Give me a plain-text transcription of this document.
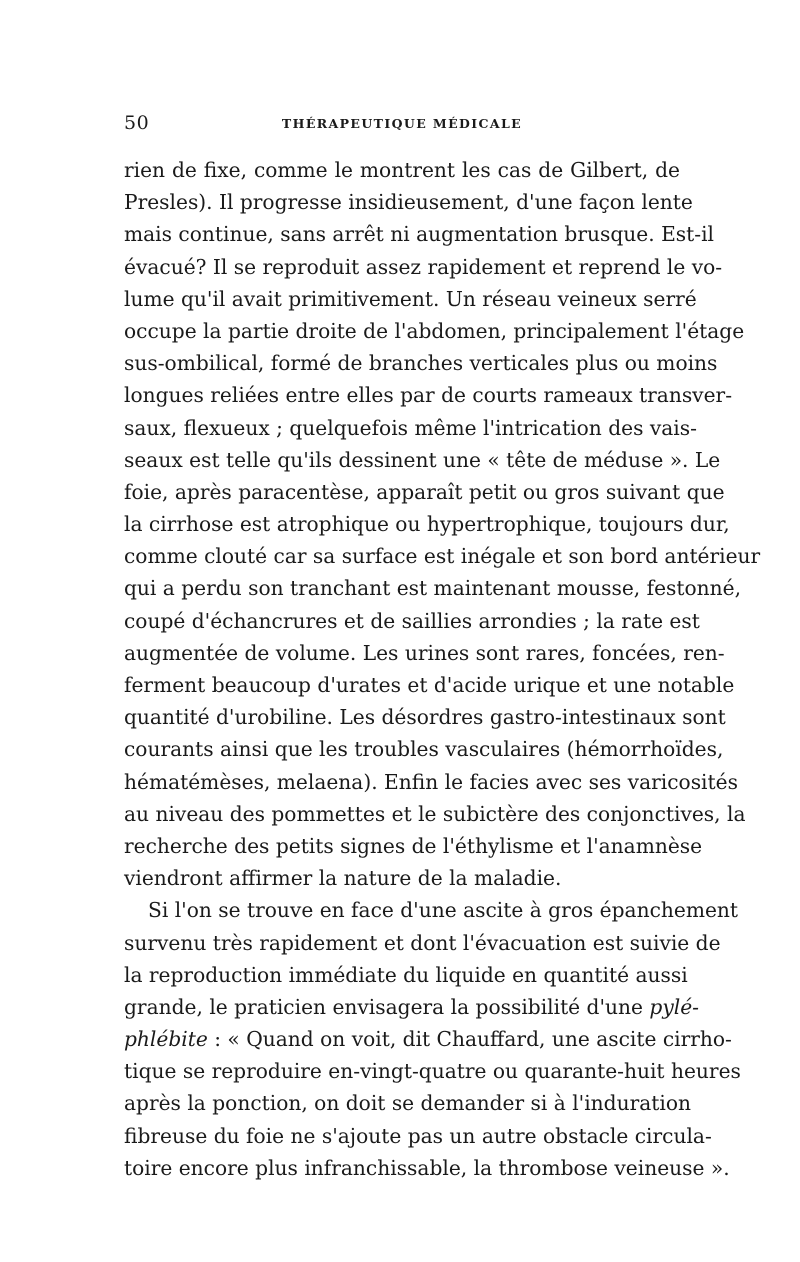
50	THÉRAPEUTIQUE MÉDICALE
rien de fixe, comme le montrent les cas de Gilbert, de
Presles). Il progresse insidieusement, d'une façon lente
mais continue, sans arrêt ni augmentation brusque. Est-il
évacué? Il se reproduit assez rapidement et reprend le vo-
lume qu'il avait primitivement. Un réseau veineux serré
occupe la partie droite de l'abdomen, principalement l'étage
sus-ombilical, formé de branches verticales plus ou moins
longues reliées entre elles par de courts rameaux transver-
saux, flexueux ; quelquefois même l'intrication des vais-
seaux est telle qu'ils dessinent une « tête de méduse ». Le
foie, après paracentèse, apparaît petit ou gros suivant que
la cirrhose est atrophique ou hypertrophique, toujours dur,
comme clouté car sa surface est inégale et son bord antérieur
qui a perdu son tranchant est maintenant mousse, festonné,
coupé d'échancrures et de saillies arrondies ; la rate est
augmentée de volume. Les urines sont rares, foncées, ren-
ferment beaucoup d'urates et d'acide urique et une notable
quantité d'urobiline. Les désordres gastro-intestinaux sont
courants ainsi que les troubles vasculaires (hémorrhoïdes,
hématémèses, melaena). Enfin le facies avec ses varicosités
au niveau des pommettes et le subictère des conjonctives, la
recherche des petits signes de l'éthylisme et l'anamnèse
viendront affirmer la nature de la maladie.
Si l'on se trouve en face d'une ascite à gros épanchement
survenu très rapidement et dont l'évacuation est suivie de
la reproduction immédiate du liquide en quantité aussi
grande, le praticien envisagera la possibilité d'une pylé-
phlébite : « Quand on voit, dit Chauffard, une ascite cirrho-
tique se reproduire en-vingt-quatre ou quarante-huit heures
après la ponction, on doit se demander si à l'induration
fibreuse du foie ne s'ajoute pas un autre obstacle circula-
toire encore plus infranchissable, la thrombose veineuse ».
